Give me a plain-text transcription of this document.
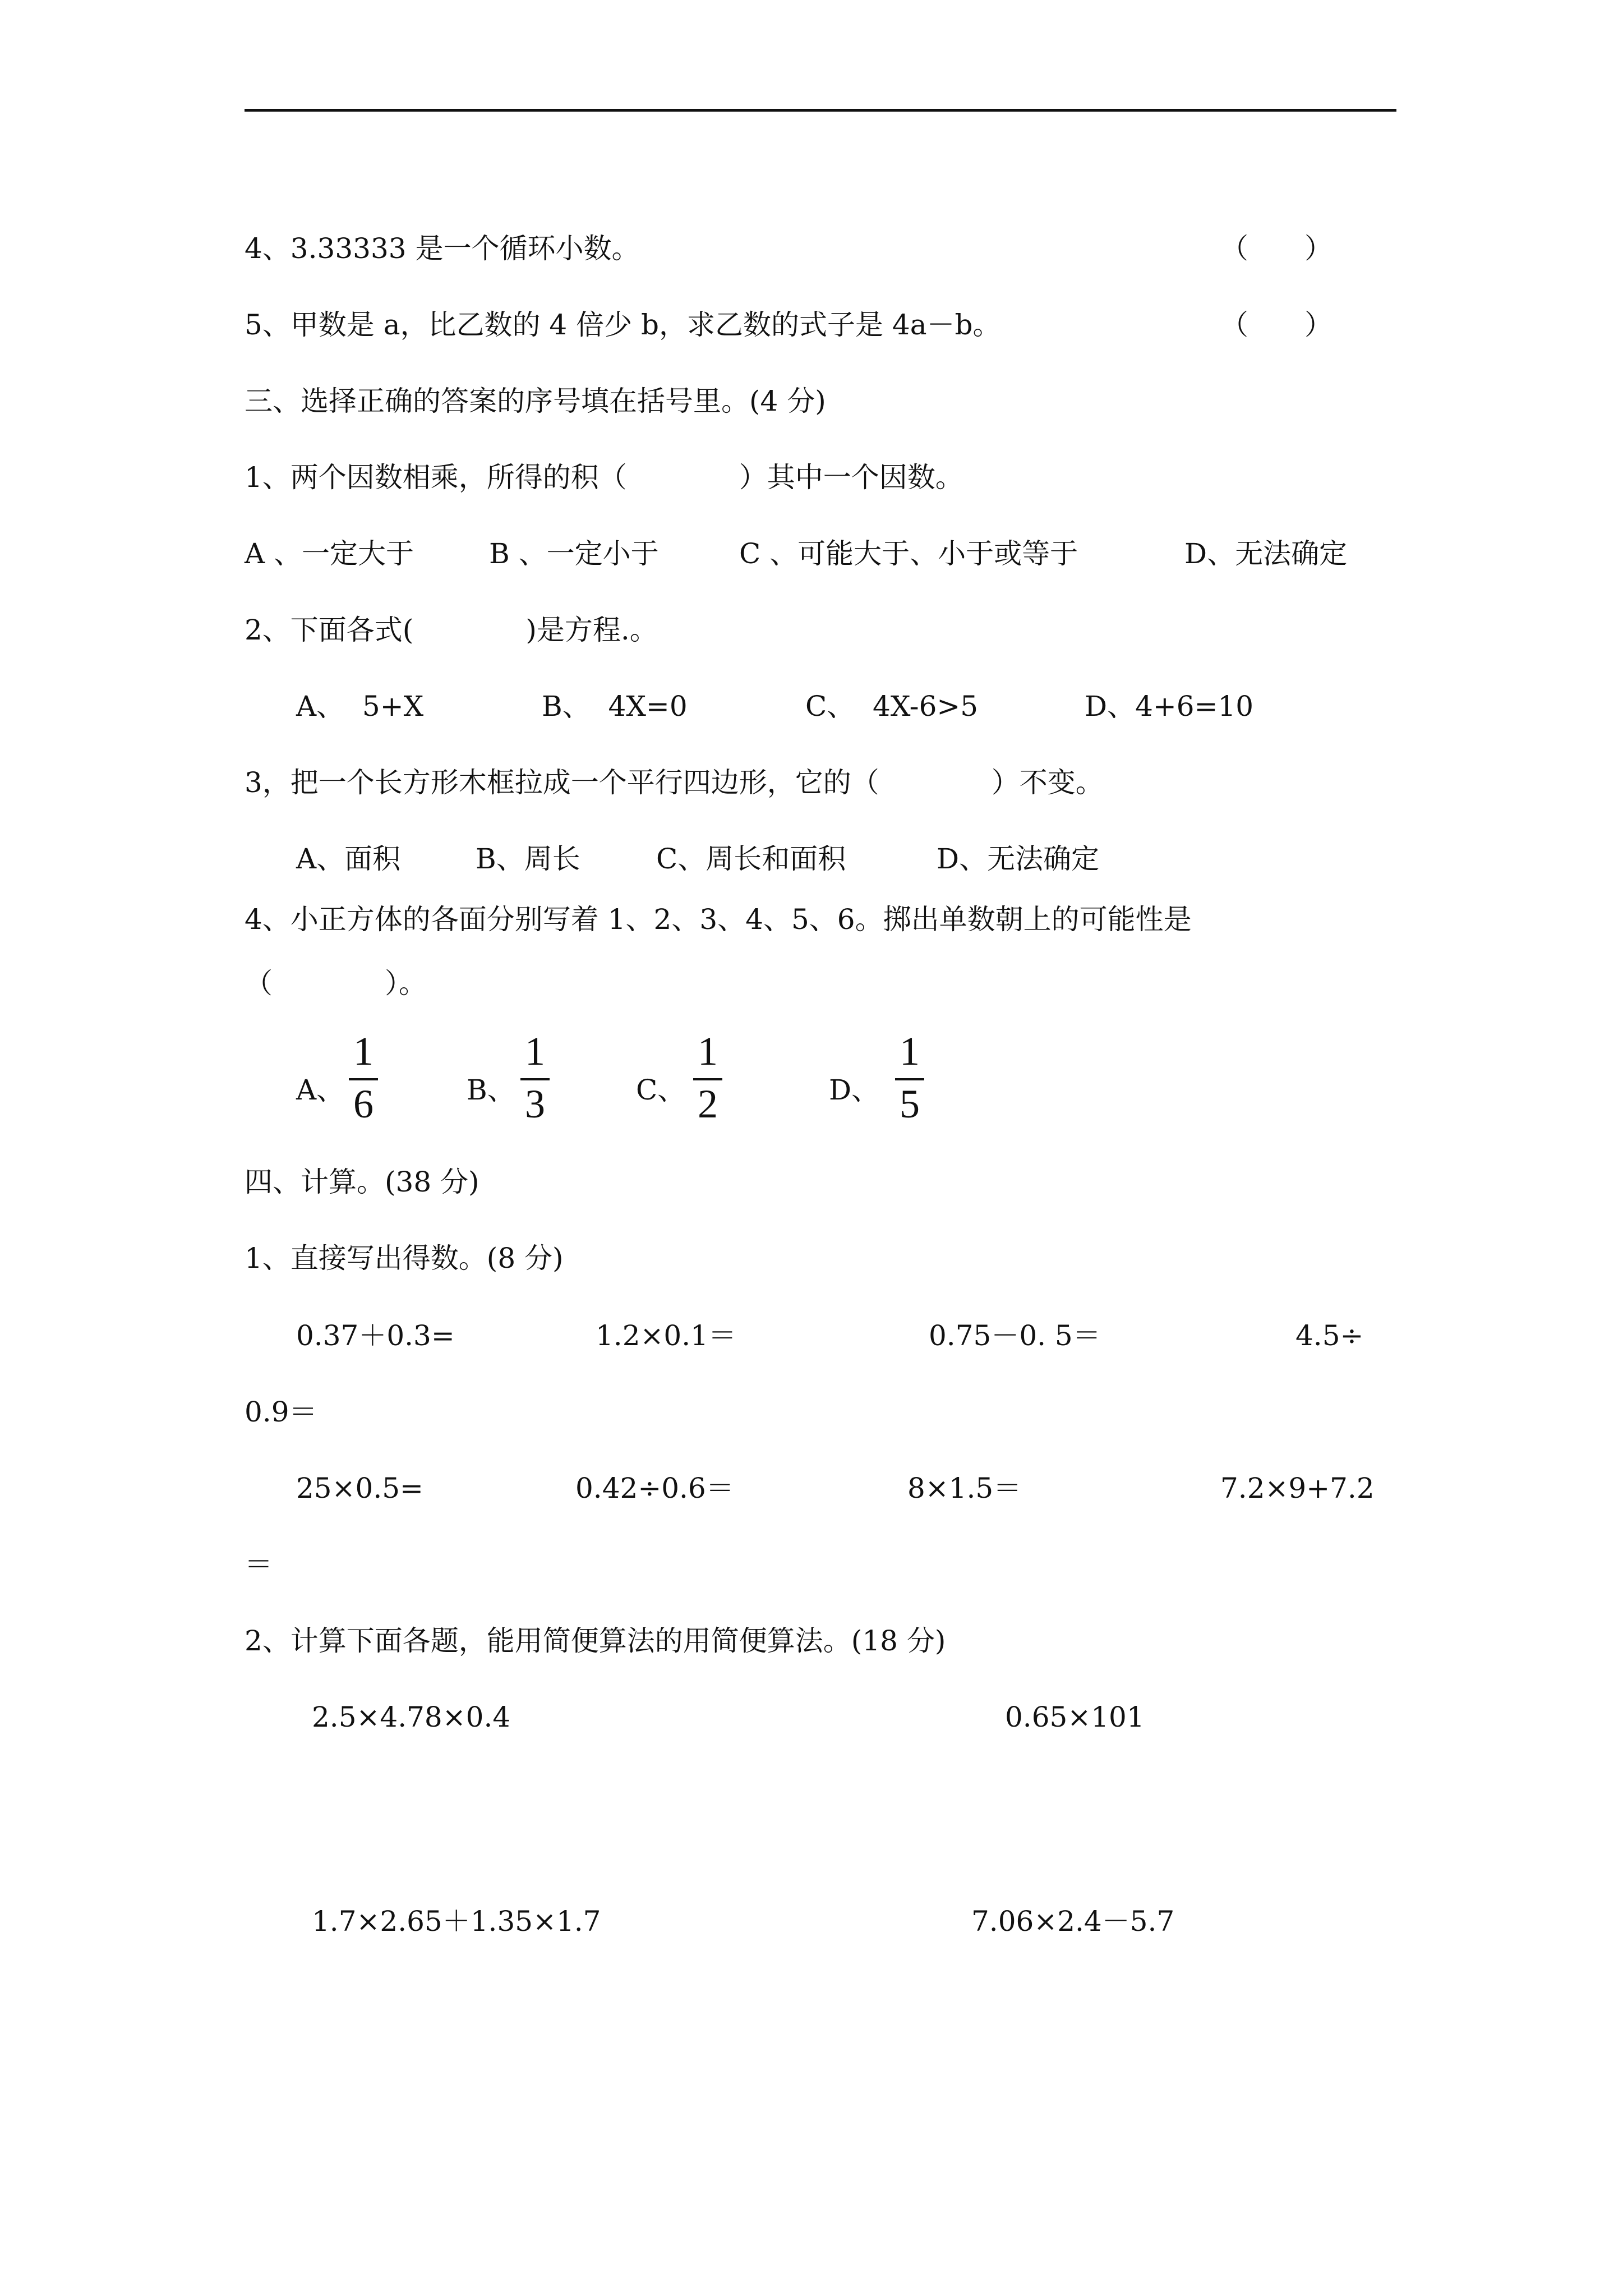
4、3.33333 是一个循环小数。	（　　）
5、甲数是 a，比乙数的 4 倍少 b，求乙数的式子是 4a－b。	（　　）
三、选择正确的答案的序号填在括号里。(4 分)
1、两个因数相乘，所得的积（　　　　）其中一个因数。
A 、一定大于	B 、一定小于	C 、可能大于、小于或等于	D、无法确定
2、下面各式(　　　　)是方程.。
A、  5+X	B、  4X=0	C、  4X-6>5	D、4+6=10
3，把一个长方形木框拉成一个平行四边形，它的（　　　　）不变。
A、面积	B、周长	C、周长和面积	D、无法确定
4、小正方体的各面分别写着 1、2、3、4、5、6。掷出单数朝上的可能性是
（　　　　）。
A、
1
6	B、
1
3	C、
1
2	D、
1
5
四、计算。(38 分)
1、直接写出得数。(8 分)
0.37＋0.3=	1.2×0.1＝	0.75－0. 5＝	4.5÷
0.9＝
25×0.5=	0.42÷0.6＝	8×1.5＝	7.2×9+7.2
＝
2、计算下面各题，能用简便算法的用简便算法。(18 分)
2.5×4.78×0.4	0.65×101
1.7×2.65＋1.35×1.7	7.06×2.4－5.7
